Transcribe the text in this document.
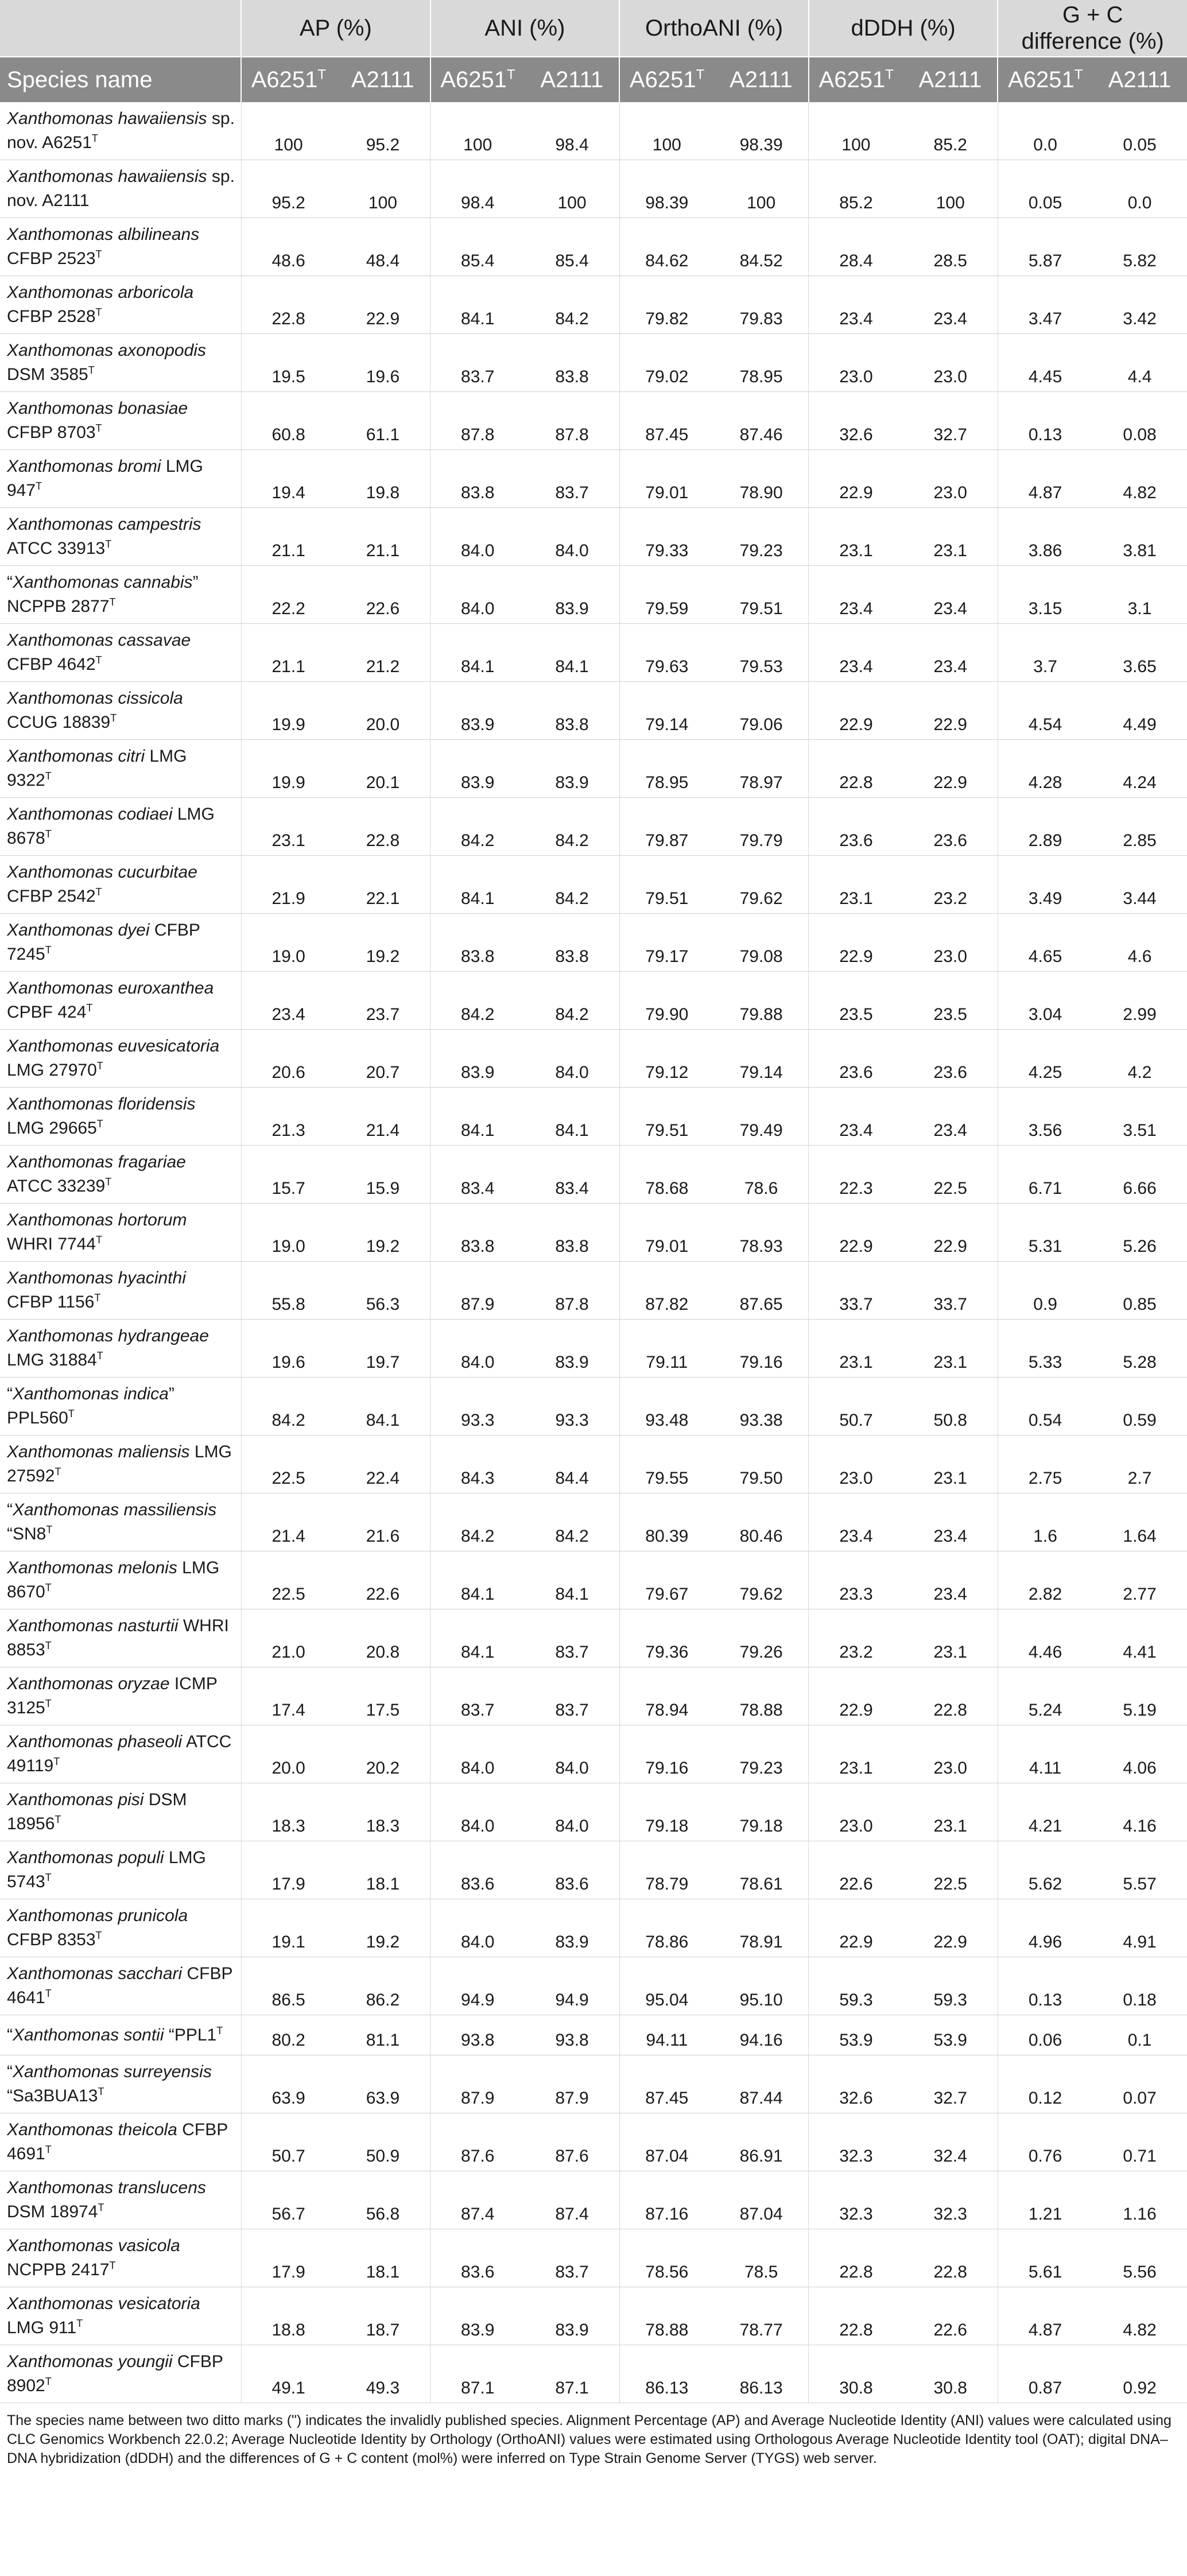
	AP (%)		ANI (%)		OrthoANI (%)		dDDH (%)		G + C
difference (%)	
Species name	$A6251^T$	A2111	$A6251^T$	A2111	$A6251^T$	A2111	$A6251^T$	A2111	$A6251^T$	A2111
Xanthomonas hawaiiensis sp. nov. $A6251^T$	100	95.2	100	98.4	100	98.39	100	85.2	0.0	0.05
Xanthomonas hawaiiensis sp. nov. A2111	95.2	100	98.4	100	98.39	100	85.2	100	0.05	0.0
Xanthomonas albilineans CFBP $2523^T$	48.6	48.4	85.4	85.4	84.62	84.52	28.4	28.5	5.87	5.82
Xanthomonas arboricola CFBP $2528^T$	22.8	22.9	84.1	84.2	79.82	79.83	23.4	23.4	3.47	3.42
Xanthomonas axonopodis DSM $3585^T$	19.5	19.6	83.7	83.8	79.02	78.95	23.0	23.0	4.45	4.4
Xanthomonas bonasiae CFBP $8703^T$	60.8	61.1	87.8	87.8	87.45	87.46	32.6	32.7	0.13	0.08
Xanthomonas bromi LMG $947^T$	19.4	19.8	83.8	83.7	79.01	78.90	22.9	23.0	4.87	4.82
Xanthomonas campestris ATCC $33913^T$	21.1	21.1	84.0	84.0	79.33	79.23	23.1	23.1	3.86	3.81
“Xanthomonas cannabis” NCPPB $2877^T$	22.2	22.6	84.0	83.9	79.59	79.51	23.4	23.4	3.15	3.1
Xanthomonas cassavae CFBP $4642^T$	21.1	21.2	84.1	84.1	79.63	79.53	23.4	23.4	3.7	3.65
Xanthomonas cissicola CCUG $18839^T$	19.9	20.0	83.9	83.8	79.14	79.06	22.9	22.9	4.54	4.49
Xanthomonas citri LMG $9322^T$	19.9	20.1	83.9	83.9	78.95	78.97	22.8	22.9	4.28	4.24
Xanthomonas codiaei LMG $8678^T$	23.1	22.8	84.2	84.2	79.87	79.79	23.6	23.6	2.89	2.85
Xanthomonas cucurbitae CFBP $2542^T$	21.9	22.1	84.1	84.2	79.51	79.62	23.1	23.2	3.49	3.44
Xanthomonas dyei CFBP $7245^T$	19.0	19.2	83.8	83.8	79.17	79.08	22.9	23.0	4.65	4.6
Xanthomonas euroxanthea CPBF $424^T$	23.4	23.7	84.2	84.2	79.90	79.88	23.5	23.5	3.04	2.99
Xanthomonas euvesicatoria LMG $27970^T$	20.6	20.7	83.9	84.0	79.12	79.14	23.6	23.6	4.25	4.2
Xanthomonas floridensis LMG $29665^T$	21.3	21.4	84.1	84.1	79.51	79.49	23.4	23.4	3.56	3.51
Xanthomonas fragariae ATCC $33239^T$	15.7	15.9	83.4	83.4	78.68	78.6	22.3	22.5	6.71	6.66
Xanthomonas hortorum WHRI $7744^T$	19.0	19.2	83.8	83.8	79.01	78.93	22.9	22.9	5.31	5.26
Xanthomonas hyacinthi CFBP $1156^T$	55.8	56.3	87.9	87.8	87.82	87.65	33.7	33.7	0.9	0.85
Xanthomonas hydrangeae LMG $31884^T$	19.6	19.7	84.0	83.9	79.11	79.16	23.1	23.1	5.33	5.28
“Xanthomonas indica” $PPL560^T$	84.2	84.1	93.3	93.3	93.48	93.38	50.7	50.8	0.54	0.59
Xanthomonas maliensis LMG $27592^T$	22.5	22.4	84.3	84.4	79.55	79.50	23.0	23.1	2.75	2.7
“Xanthomonas massiliensis “$SN8^T$	21.4	21.6	84.2	84.2	80.39	80.46	23.4	23.4	1.6	1.64
Xanthomonas melonis LMG $8670^T$	22.5	22.6	84.1	84.1	79.67	79.62	23.3	23.4	2.82	2.77
Xanthomonas nasturtii WHRI $8853^T$	21.0	20.8	84.1	83.7	79.36	79.26	23.2	23.1	4.46	4.41
Xanthomonas oryzae ICMP $3125^T$	17.4	17.5	83.7	83.7	78.94	78.88	22.9	22.8	5.24	5.19
Xanthomonas phaseoli ATCC $49119^T$	20.0	20.2	84.0	84.0	79.16	79.23	23.1	23.0	4.11	4.06
Xanthomonas pisi DSM $18956^T$	18.3	18.3	84.0	84.0	79.18	79.18	23.0	23.1	4.21	4.16
Xanthomonas populi LMG $5743^T$	17.9	18.1	83.6	83.6	78.79	78.61	22.6	22.5	5.62	5.57
Xanthomonas prunicola CFBP $8353^T$	19.1	19.2	84.0	83.9	78.86	78.91	22.9	22.9	4.96	4.91
Xanthomonas sacchari CFBP $4641^T$	86.5	86.2	94.9	94.9	95.04	95.10	59.3	59.3	0.13	0.18
“Xanthomonas sontii “$PPL1^T$	80.2	81.1	93.8	93.8	94.11	94.16	53.9	53.9	0.06	0.1
“Xanthomonas surreyensis “$Sa3BUA13^T$	63.9	63.9	87.9	87.9	87.45	87.44	32.6	32.7	0.12	0.07
Xanthomonas theicola CFBP $4691^T$	50.7	50.9	87.6	87.6	87.04	86.91	32.3	32.4	0.76	0.71
Xanthomonas translucens DSM $18974^T$	56.7	56.8	87.4	87.4	87.16	87.04	32.3	32.3	1.21	1.16
Xanthomonas vasicola NCPPB $2417^T$	17.9	18.1	83.6	83.7	78.56	78.5	22.8	22.8	5.61	5.56
Xanthomonas vesicatoria LMG $911^T$	18.8	18.7	83.9	83.9	78.88	78.77	22.8	22.6	4.87	4.82
Xanthomonas youngii CFBP $8902^T$	49.1	49.3	87.1	87.1	86.13	86.13	30.8	30.8	0.87	0.92
The species name between two ditto marks (") indicates the invalidly published species. Alignment Percentage (AP) and Average Nucleotide Identity (ANI) values were calculated using CLC Genomics Workbench 22.0.2; Average Nucleotide Identity by Orthology (OrthoANI) values were estimated using Orthologous Average Nucleotide Identity tool (OAT); digital DNA–DNA hybridization (dDDH) and the differences of G + C content (mol%) were inferred on Type Strain Genome Server (TYGS) web server.
